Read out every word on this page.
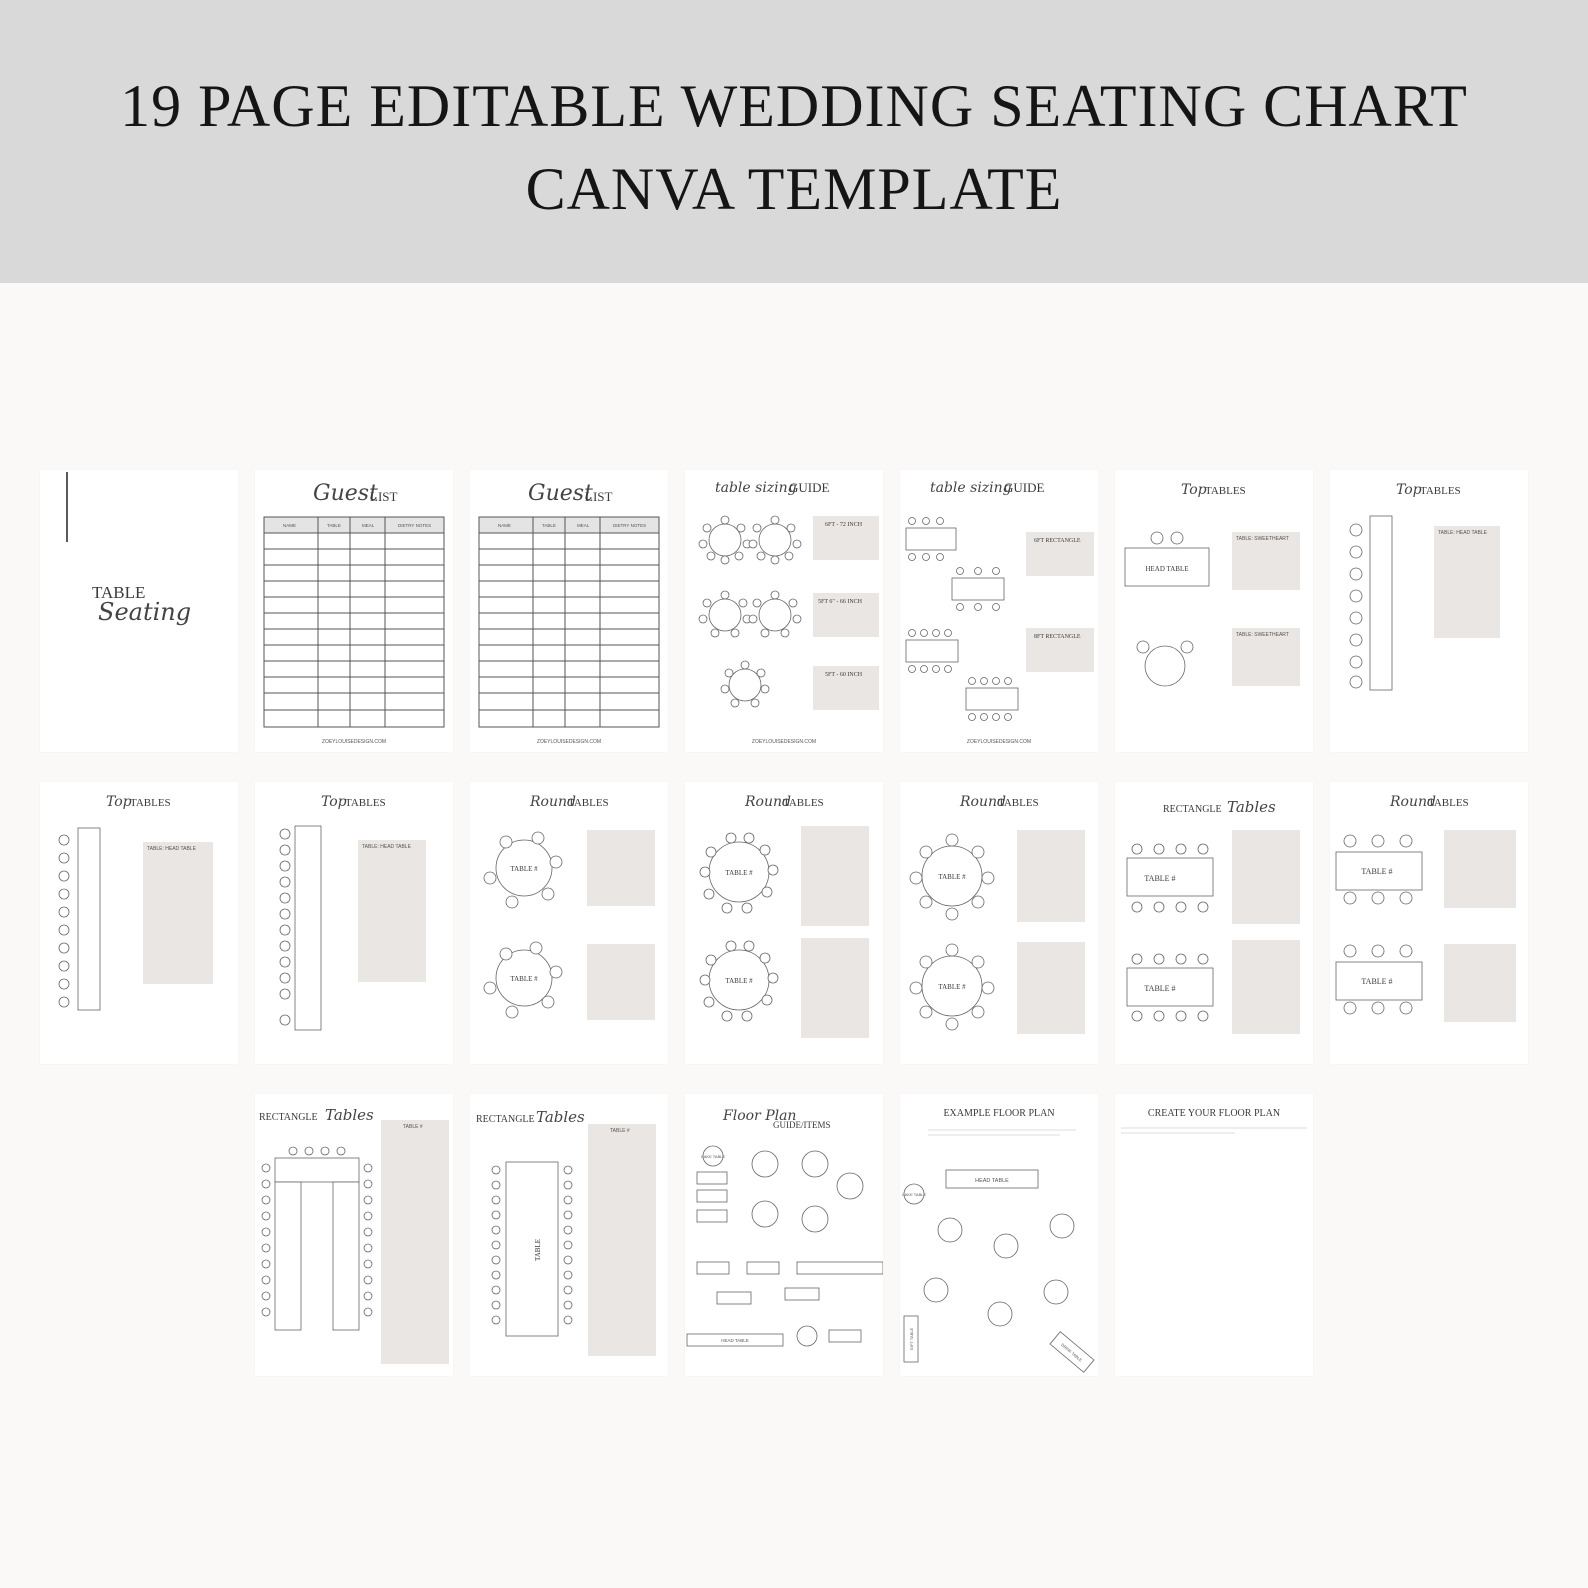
19 PAGE EDITABLE WEDDING SEATING CHART
CANVA TEMPLATE
TABLE
Seating
Guest
LIST
NAME	TABLE	MEAL	DIETRY NOTES
ZOEYLOUISEDESIGN.COM
Guest
LIST
NAME	TABLE	MEAL	DIETRY NOTES
ZOEYLOUISEDESIGN.COM
table sizing
GUIDE
6FT - 72 INCH
5FT 6" - 66 INCH
5FT - 60 INCH
ZOEYLOUISEDESIGN.COM
table sizing
GUIDE
6FT RECTANGLE
8FT RECTANGLE
ZOEYLOUISEDESIGN.COM
Top
TABLES
HEAD TABLE
TABLE: SWEETHEART
TABLE: SWEETHEART
Top
TABLES
TABLE: HEAD TABLE
Top
TABLES
TABLE: HEAD TABLE
Top
TABLES
TABLE: HEAD TABLE
Round
TABLES
TABLE #
TABLE #
Round
TABLES
TABLE #
TABLE #
Round
TABLES
TABLE #
TABLE #
RECTANGLE Tables
TABLE #
TABLE #
Round
TABLES
TABLE #
TABLE #
RECTANGLE Tables
TABLE #
RECTANGLE Tables
TABLE
TABLE #
Floor Plan
GUIDE/ITEMS
CAKE TABLE
HEAD TABLE
EXAMPLE FLOOR PLAN
HEAD TABLE
CAKE TABLE
GIFT TABLE
DRINK TABLE
CREATE YOUR FLOOR PLAN
